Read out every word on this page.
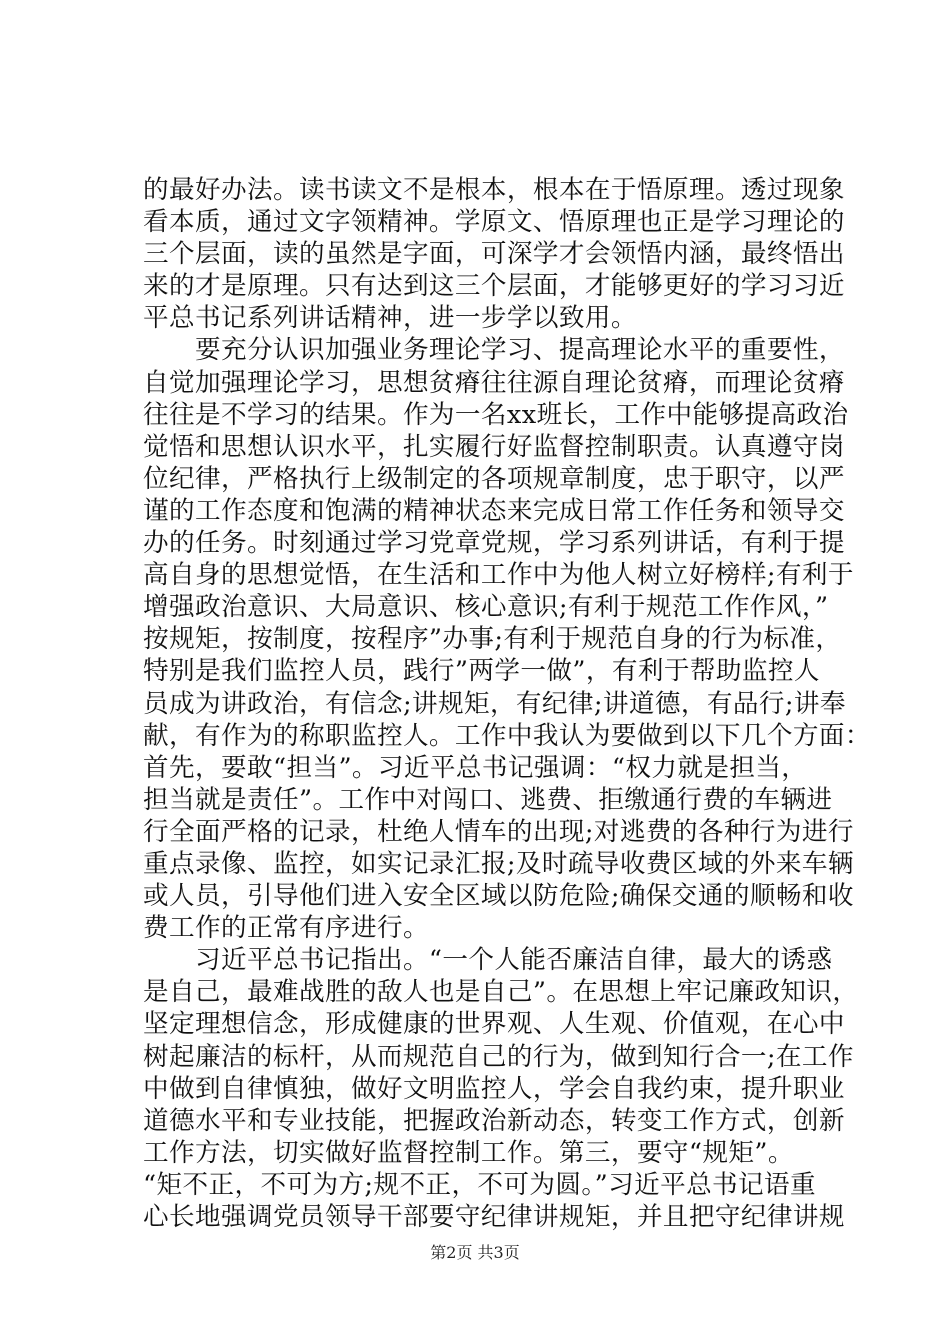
的最好办法。读书读文不是根本，根本在于悟原理。透过现象
看本质，通过文字领精神。学原文、悟原理也正是学习理论的
三个层面，读的虽然是字面，可深学才会领悟内涵，最终悟出
来的才是原理。只有达到这三个层面，才能够更好的学习习近
平总书记系列讲话精神，进一步学以致用。
　　要充分认识加强业务理论学习、提高理论水平的重要性，
自觉加强理论学习，思想贫瘠往往源自理论贫瘠，而理论贫瘠
往往是不学习的结果。作为一名xx班长，工作中能够提高政治
觉悟和思想认识水平，扎实履行好监督控制职责。认真遵守岗
位纪律，严格执行上级制定的各项规章制度，忠于职守，以严
谨的工作态度和饱满的精神状态来完成日常工作任务和领导交
办的任务。时刻通过学习党章党规，学习系列讲话，有利于提
高自身的思想觉悟，在生活和工作中为他人树立好榜样;有利于
增强政治意识、大局意识、核心意识;有利于规范工作作风，”
按规矩，按制度，按程序”办事;有利于规范自身的行为标准，
特别是我们监控人员，践行”两学一做”，有利于帮助监控人
员成为讲政治，有信念;讲规矩，有纪律;讲道德，有品行;讲奉
献，有作为的称职监控人。工作中我认为要做到以下几个方面：
首先，要敢“担当”。习近平总书记强调：“权力就是担当，
担当就是责任”。工作中对闯口、逃费、拒缴通行费的车辆进
行全面严格的记录，杜绝人情车的出现;对逃费的各种行为进行
重点录像、监控，如实记录汇报;及时疏导收费区域的外来车辆
或人员，引导他们进入安全区域以防危险;确保交通的顺畅和收
费工作的正常有序进行。
　　习近平总书记指出。“一个人能否廉洁自律，最大的诱惑
是自己，最难战胜的敌人也是自己”。在思想上牢记廉政知识，
坚定理想信念，形成健康的世界观、人生观、价值观，在心中
树起廉洁的标杆，从而规范自己的行为，做到知行合一;在工作
中做到自律慎独，做好文明监控人，学会自我约束，提升职业
道德水平和专业技能，把握政治新动态，转变工作方式，创新
工作方法，切实做好监督控制工作。第三，要守“规矩”。
“矩不正，不可为方;规不正，不可为圆。”习近平总书记语重
心长地强调党员领导干部要守纪律讲规矩，并且把守纪律讲规
第2页 共3页
